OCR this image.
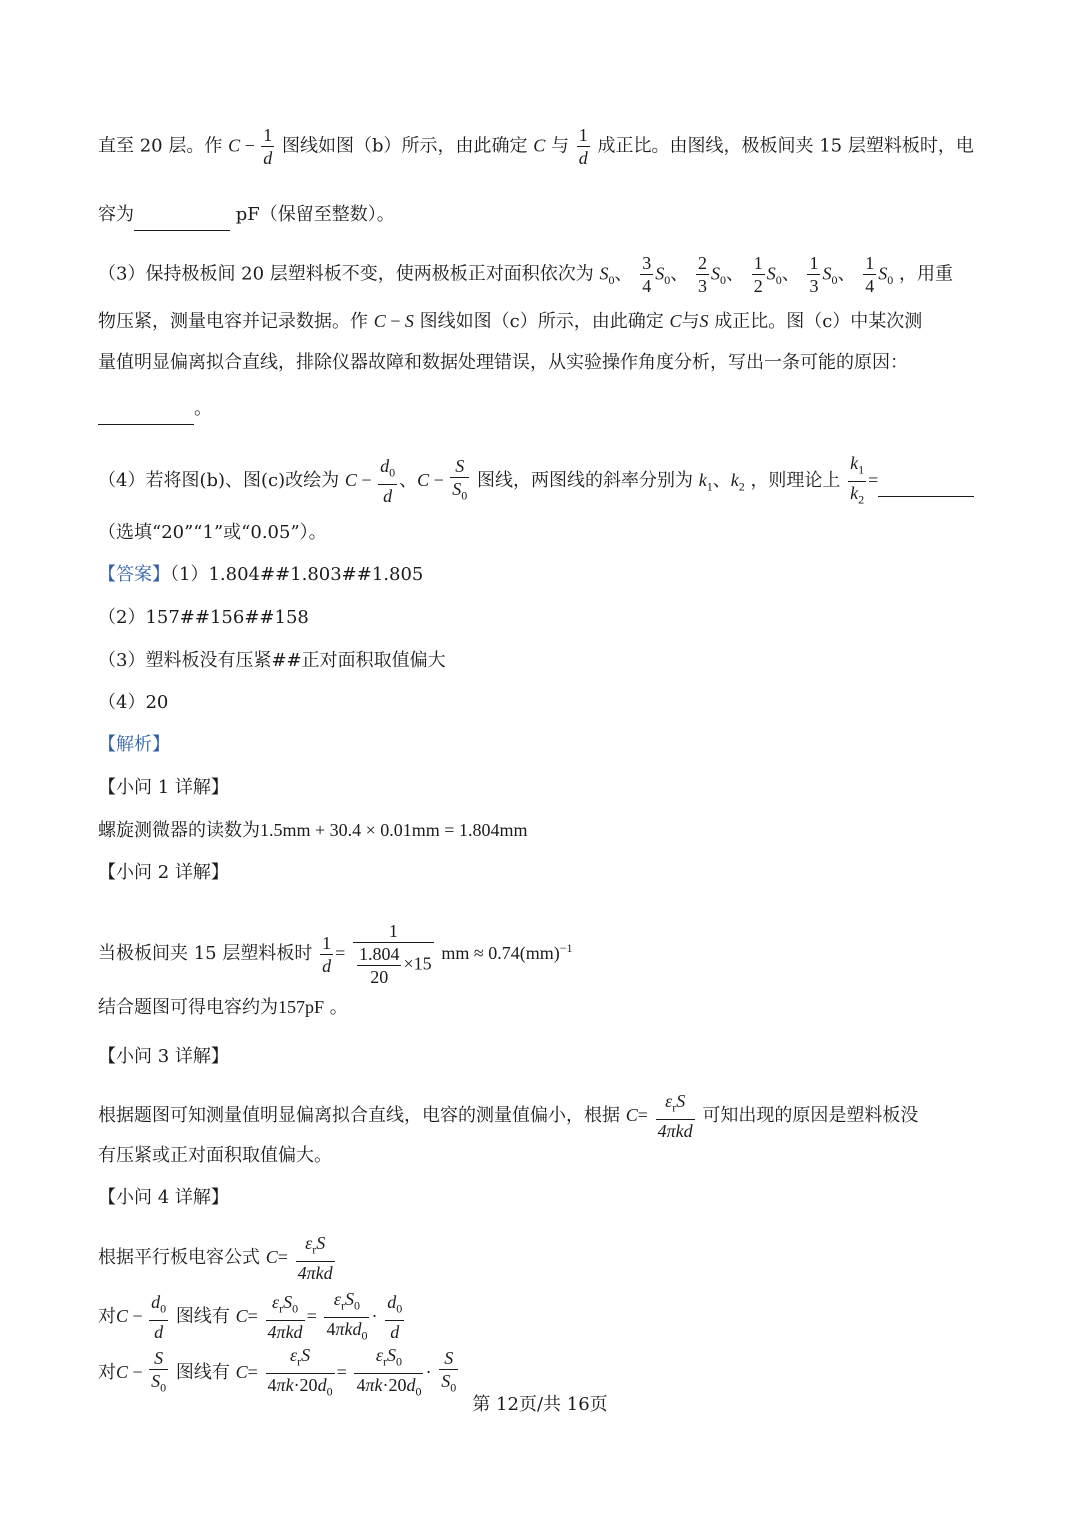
直至 20 层。作 $C - \frac{1}{d}$ 图线如图（b）所示，由此确定 C 与 $\frac{1}{d}$ 成正比。由图线，极板间夹 15 层塑料板时，电
容为	pF（保留至整数）。
（3）保持极板间 20 层塑料板不变，使两极板正对面积依次为 $S_0$、 $\frac{3}{4} S_0$、 $\frac{2}{3} S_0$、 $\frac{1}{2} S_0$、 $\frac{1}{3} S_0$、 $\frac{1}{4} S_0$ ，用重
物压紧，测量电容并记录数据。作 C − S 图线如图（c）所示，由此确定 C与S 成正比。图（c）中某次测
量值明显偏离拟合直线，排除仪器故障和数据处理错误，从实验操作角度分析，写出一条可能的原因：
。
（4）若将图(b)、图(c)改绘为 $C - \frac{d_0}{d}$ 、$C - \frac{S}{S_0}$ 图线，两图线的斜率分别为 $k_1$、$k_2$ ，则理论上 $\frac{k_1}{k_2}$ =
（选填“20”“1”或“0.05”）。
【答案】（1）1.804##1.803##1.805
（2）157##156##158
（3）塑料板没有压紧##正对面积取值偏大
（4）20
【解析】
【小问 1 详解】
螺旋测微器的读数为1.5mm + 30.4 × 0.01mm = 1.804mm
【小问 2 详解】
当极板间夹 15 层塑料板时 $\frac{1}{d} = \frac{1}{\frac{1.804}{20} \times 15}$ mm ≈ 0.74(mm)$^{-1}$
结合题图可得电容约为157pF 。
【小问 3 详解】
根据题图可知测量值明显偏离拟合直线，电容的测量值偏小，根据 $C= \frac{\varepsilon_rS}{\text{4πkd}}$ 可知出现的原因是塑料板没
有压紧或正对面积取值偏大。
【小问 4 详解】
根据平行板电容公式 $C= \frac{\varepsilon_rS}{\text{4πkd}}$
对$C - \frac{d_0}{d}$ 图线有 $C= \frac{\varepsilon_rS_0}{\text{4πkd}} = \frac{\varepsilon_rS_0}{4\pi kd_0} \cdot \frac{d_0}{d}$
对$C - \frac{S}{S_0}$ 图线有 $C= \frac{\varepsilon_rS}{4\pi k\cdot 20d_0} = \frac{\varepsilon_rS_0}{4\pi k\cdot 20d_0} \cdot \frac{S}{S_0}$
第 12页/共 16页
